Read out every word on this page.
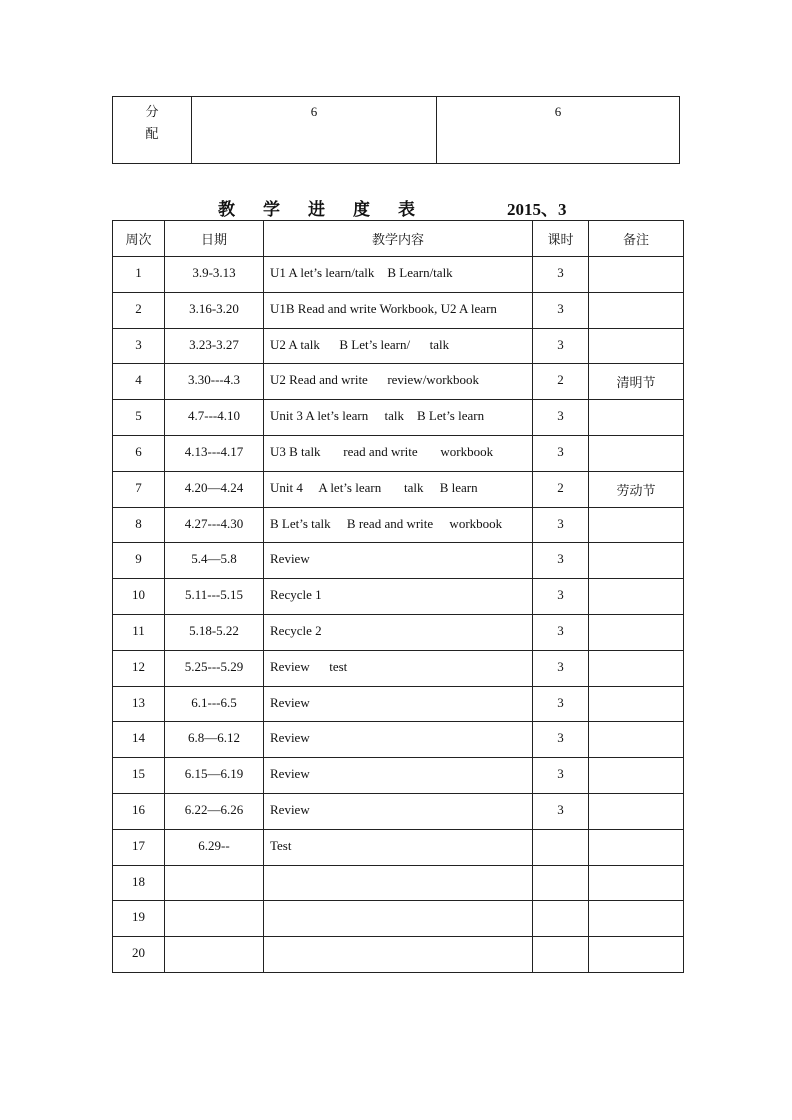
分
配
	6	6
教学进度表	2015、3
周次	日期	教学内容	课时	备注
1	3.9-3.13	U1 A let’s learn/talk    B Learn/talk	3	
2	3.16-3.20	U1B Read and write Workbook, U2 A learn	3	
3	3.23-3.27	U2 A talk      B Let’s learn/      talk	3	
4	3.30---4.3	U2 Read and write      review/workbook	2	清明节
5	4.7---4.10	Unit 3 A let’s learn     talk    B Let’s learn	3	
6	4.13---4.17	U3 B talk       read and write       workbook	3	
7	4.20—4.24	Unit 4     A let’s learn       talk     B learn	2	劳动节
8	4.27---4.30	B Let’s talk     B read and write     workbook	3	
9	5.4—5.8	Review	3	
10	5.11---5.15	Recycle 1	3	
11	5.18-5.22	Recycle 2	3	
12	5.25---5.29	Review      test	3	
13	6.1---6.5	Review	3	
14	6.8—6.12	Review	3	
15	6.15—6.19	Review	3	
16	6.22—6.26	Review	3	
17	6.29--	Test		
18				
19				
20				
